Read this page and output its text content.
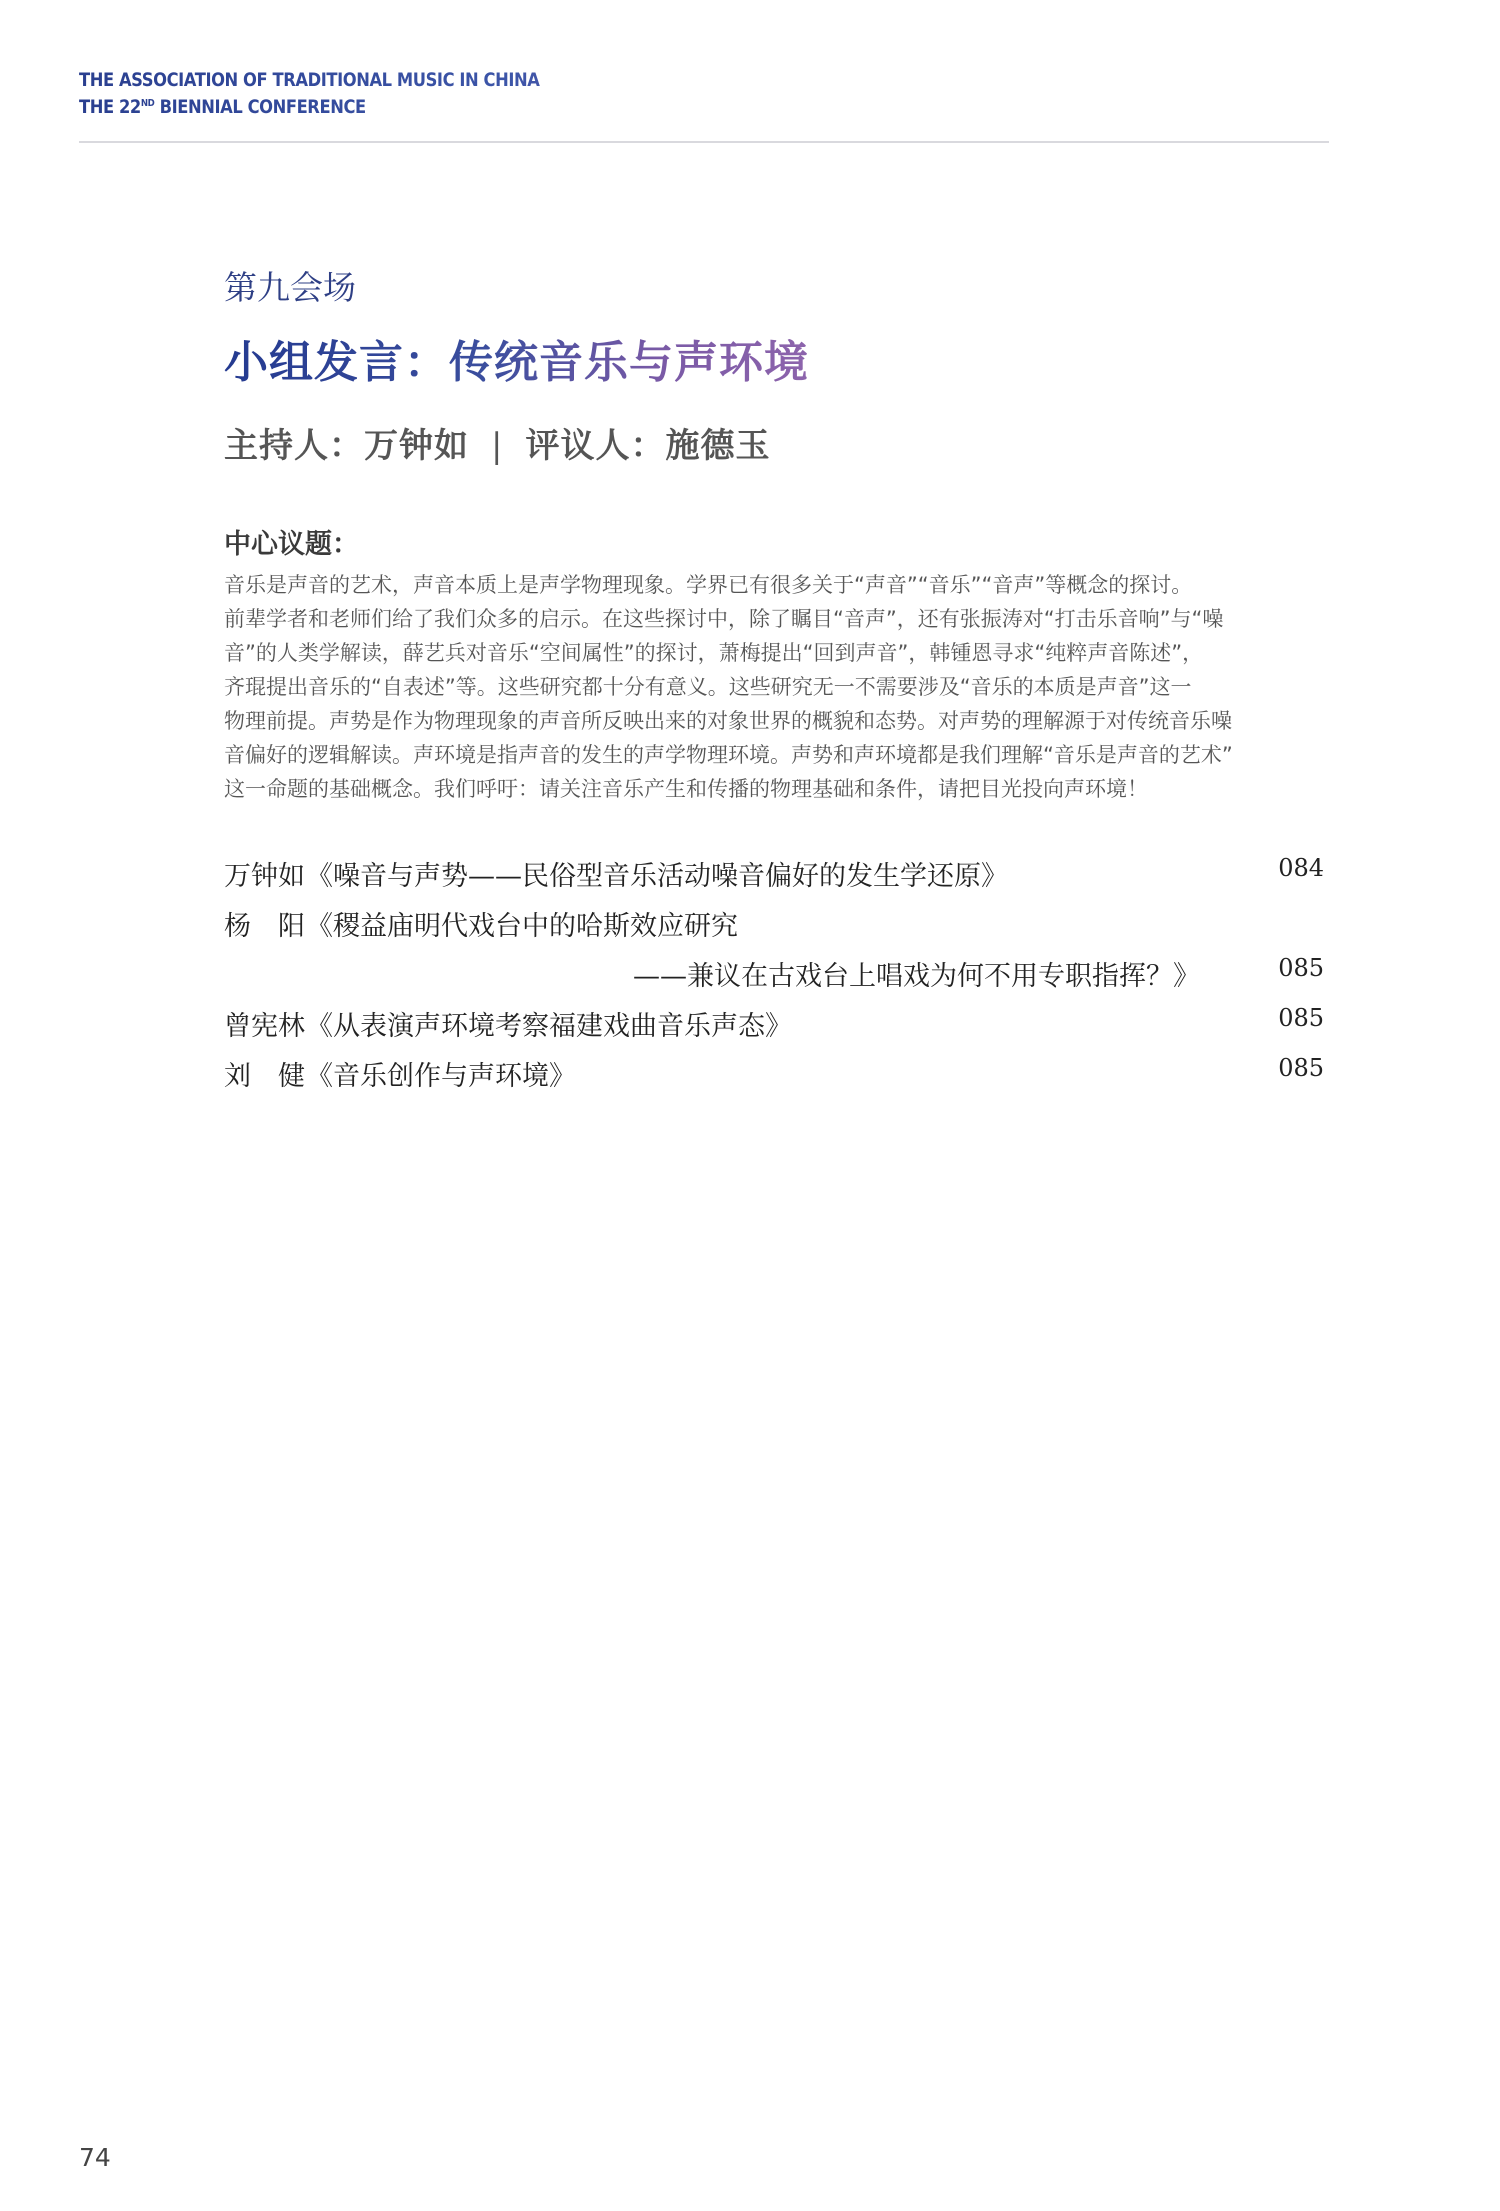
THE ASSOCIATION OF TRADITIONAL MUSIC IN CHINA
THE 22ND BIENNIAL CONFERENCE
第九会场
小组发言：传统音乐与声环境
主持人：万钟如 | 评议人：施德玉
中心议题：
音乐是声音的艺术，声音本质上是声学物理现象。学界已有很多关于“声音”“音乐”“音声”等概念的探讨。
前辈学者和老师们给了我们众多的启示。在这些探讨中，除了瞩目“音声”，还有张振涛对“打击乐音响”与“噪
音”的人类学解读，薛艺兵对音乐“空间属性”的探讨，萧梅提出“回到声音”，韩锺恩寻求“纯粹声音陈述”，
齐琨提出音乐的“自表述”等。这些研究都十分有意义。这些研究无一不需要涉及“音乐的本质是声音”这一
物理前提。声势是作为物理现象的声音所反映出来的对象世界的概貌和态势。对声势的理解源于对传统音乐噪
音偏好的逻辑解读。声环境是指声音的发生的声学物理环境。声势和声环境都是我们理解“音乐是声音的艺术”
这一命题的基础概念。我们呼吁：请关注音乐产生和传播的物理基础和条件，请把目光投向声环境！
万钟如 《噪音与声势——民俗型音乐活动噪音偏好的发生学还原》	084
杨　阳 《稷益庙明代戏台中的哈斯效应研究
——兼议在古戏台上唱戏为何不用专职指挥？》	085
曾宪林 《从表演声环境考察福建戏曲音乐声态》	085
刘　健 《音乐创作与声环境》	085
74
